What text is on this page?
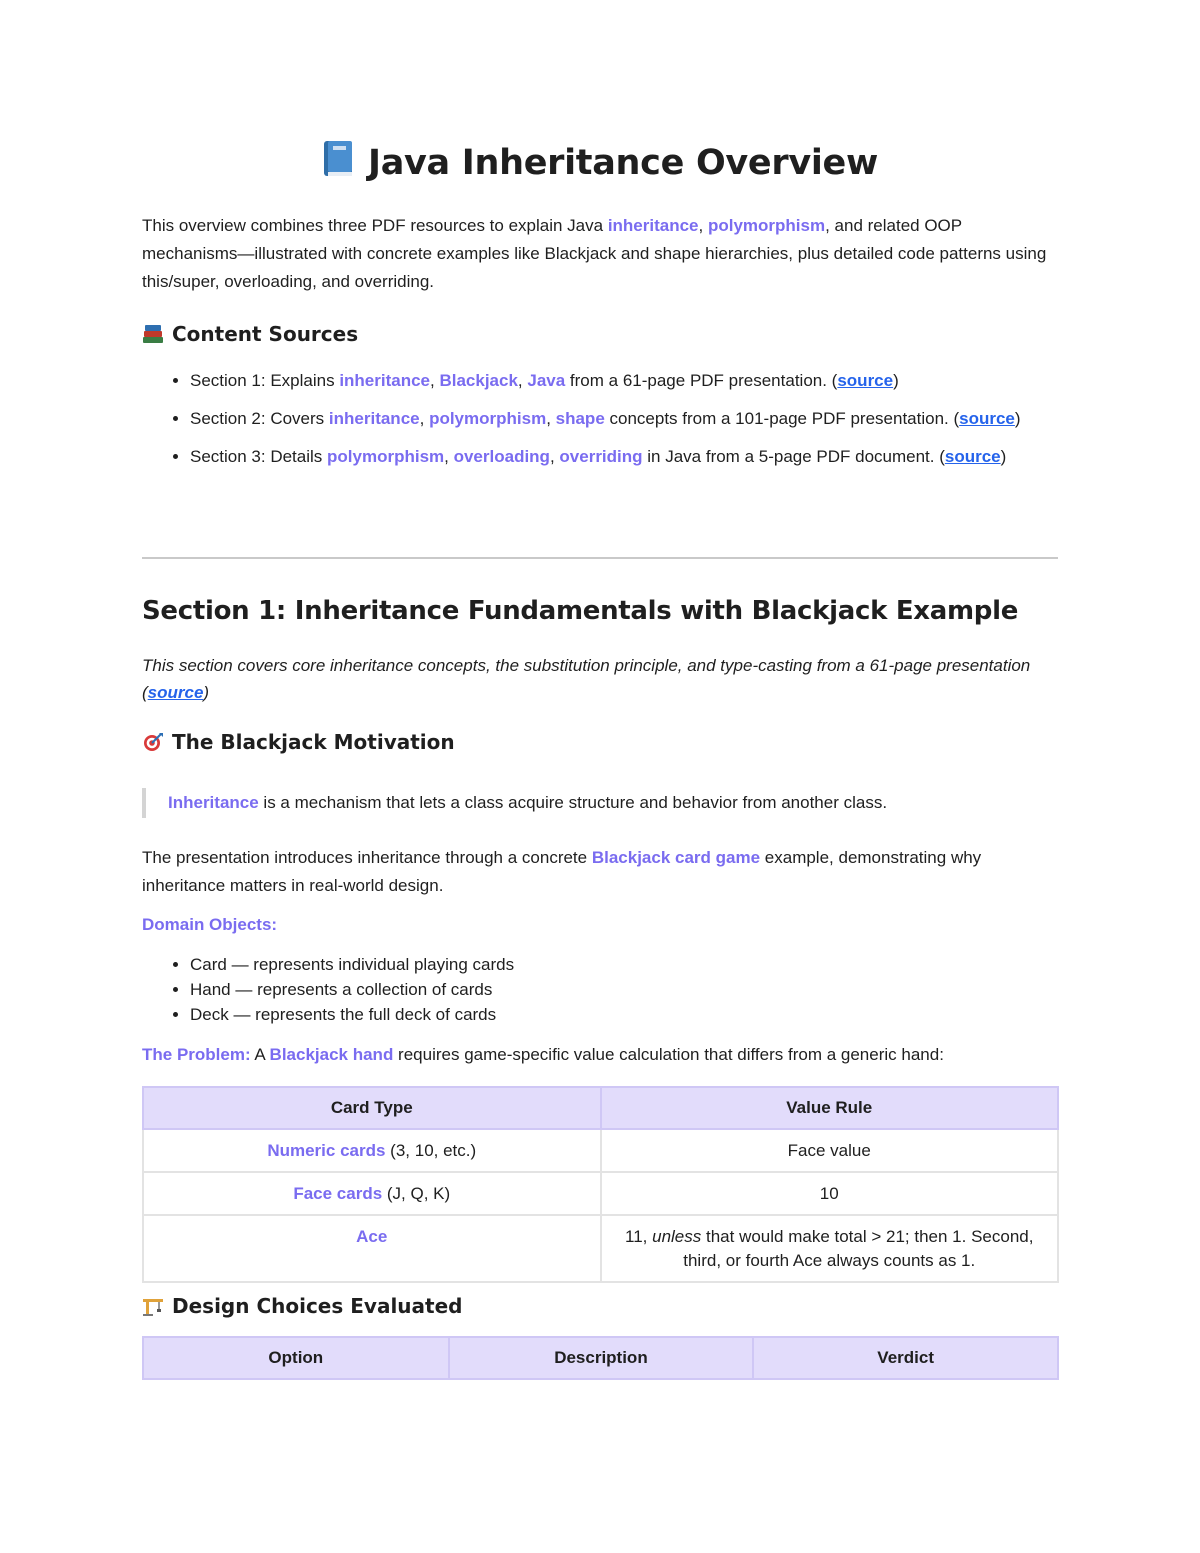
Java Inheritance Overview

This overview combines three PDF resources to explain Java inheritance, polymorphism, and related OOP mechanisms—illustrated with concrete examples like Blackjack and shape hierarchies, plus detailed code patterns using this/super, overloading, and overriding.

Content Sources
• Section 1: Explains inheritance, Blackjack, Java from a 61-page PDF presentation. (source)
• Section 2: Covers inheritance, polymorphism, shape concepts from a 101-page PDF presentation. (source)
• Section 3: Details polymorphism, overloading, overriding in Java from a 5-page PDF document. (source)
Section 1: Inheritance Fundamentals with Blackjack Example

This section covers core inheritance concepts, the substitution principle, and type-casting from a 61-page presentation (source)

The Blackjack Motivation
Inheritance is a mechanism that lets a class acquire structure and behavior from another class.

The presentation introduces inheritance through a concrete Blackjack card game example, demonstrating why inheritance matters in real-world design.

Domain Objects:

• Card — represents individual playing cards
• Hand — represents a collection of cards
• Deck — represents the full deck of cards

The Problem: A Blackjack hand requires game-specific value calculation that differs from a generic hand:

Card Type	Value Rule
Numeric cards (3, 10, etc.)	Face value
Face cards (J, Q, K)	10
Ace	11, unless that would make total > 21; then 1. Second, third, or fourth Ace always counts as 1.
Design Choices Evaluated
Option	Description	Verdict
